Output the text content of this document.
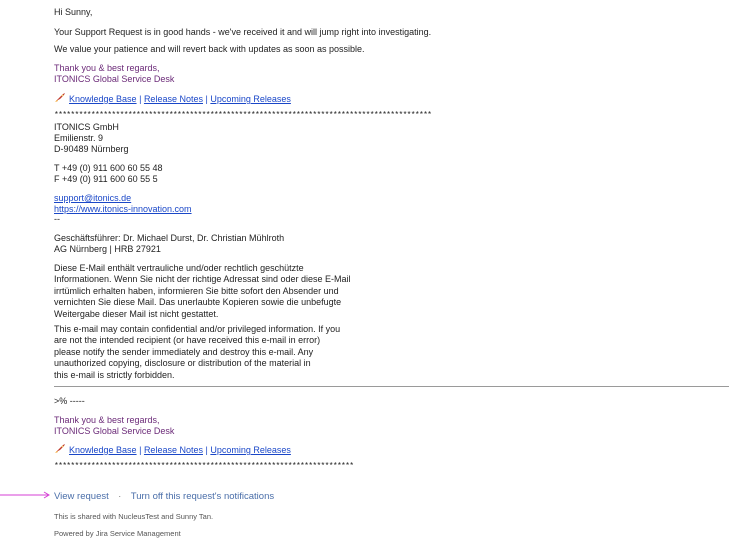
Hi Sunny,
Your Support Request is in good hands - we've received it and will jump right into investigating.
We value your patience and will revert back with updates as soon as possible.
Thank you & best regards,
ITONICS Global Service Desk
Knowledge Base | Release Notes | Upcoming Releases
********************************************************************************************
ITONICS GmbH
Emilienstr. 9
D-90489 Nürnberg
T +49 (0) 911 600 60 55 48
F +49 (0) 911 600 60 55 5
support@itonics.de
https://www.itonics-innovation.com
--
Geschäftsführer: Dr. Michael Durst, Dr. Christian Mühlroth
AG Nürnberg | HRB 27921
Diese E-Mail enthält vertrauliche und/oder rechtlich geschützte
Informationen. Wenn Sie nicht der richtige Adressat sind oder diese E-Mail
irrtümlich erhalten haben, informieren Sie bitte sofort den Absender und
vernichten Sie diese Mail. Das unerlaubte Kopieren sowie die unbefugte
Weitergabe dieser Mail ist nicht gestattet.
This e-mail may contain confidential and/or privileged information. If you
are not the intended recipient (or have received this e-mail in error)
please notify the sender immediately and destroy this e-mail. Any
unauthorized copying, disclosure or distribution of the material in
this e-mail is strictly forbidden.
>% -----
Thank you & best regards,
ITONICS Global Service Desk
Knowledge Base | Release Notes | Upcoming Releases
*************************************************************************
View request · Turn off this request's notifications
This is shared with NucleusTest and Sunny Tan.
Powered by Jira Service Management
